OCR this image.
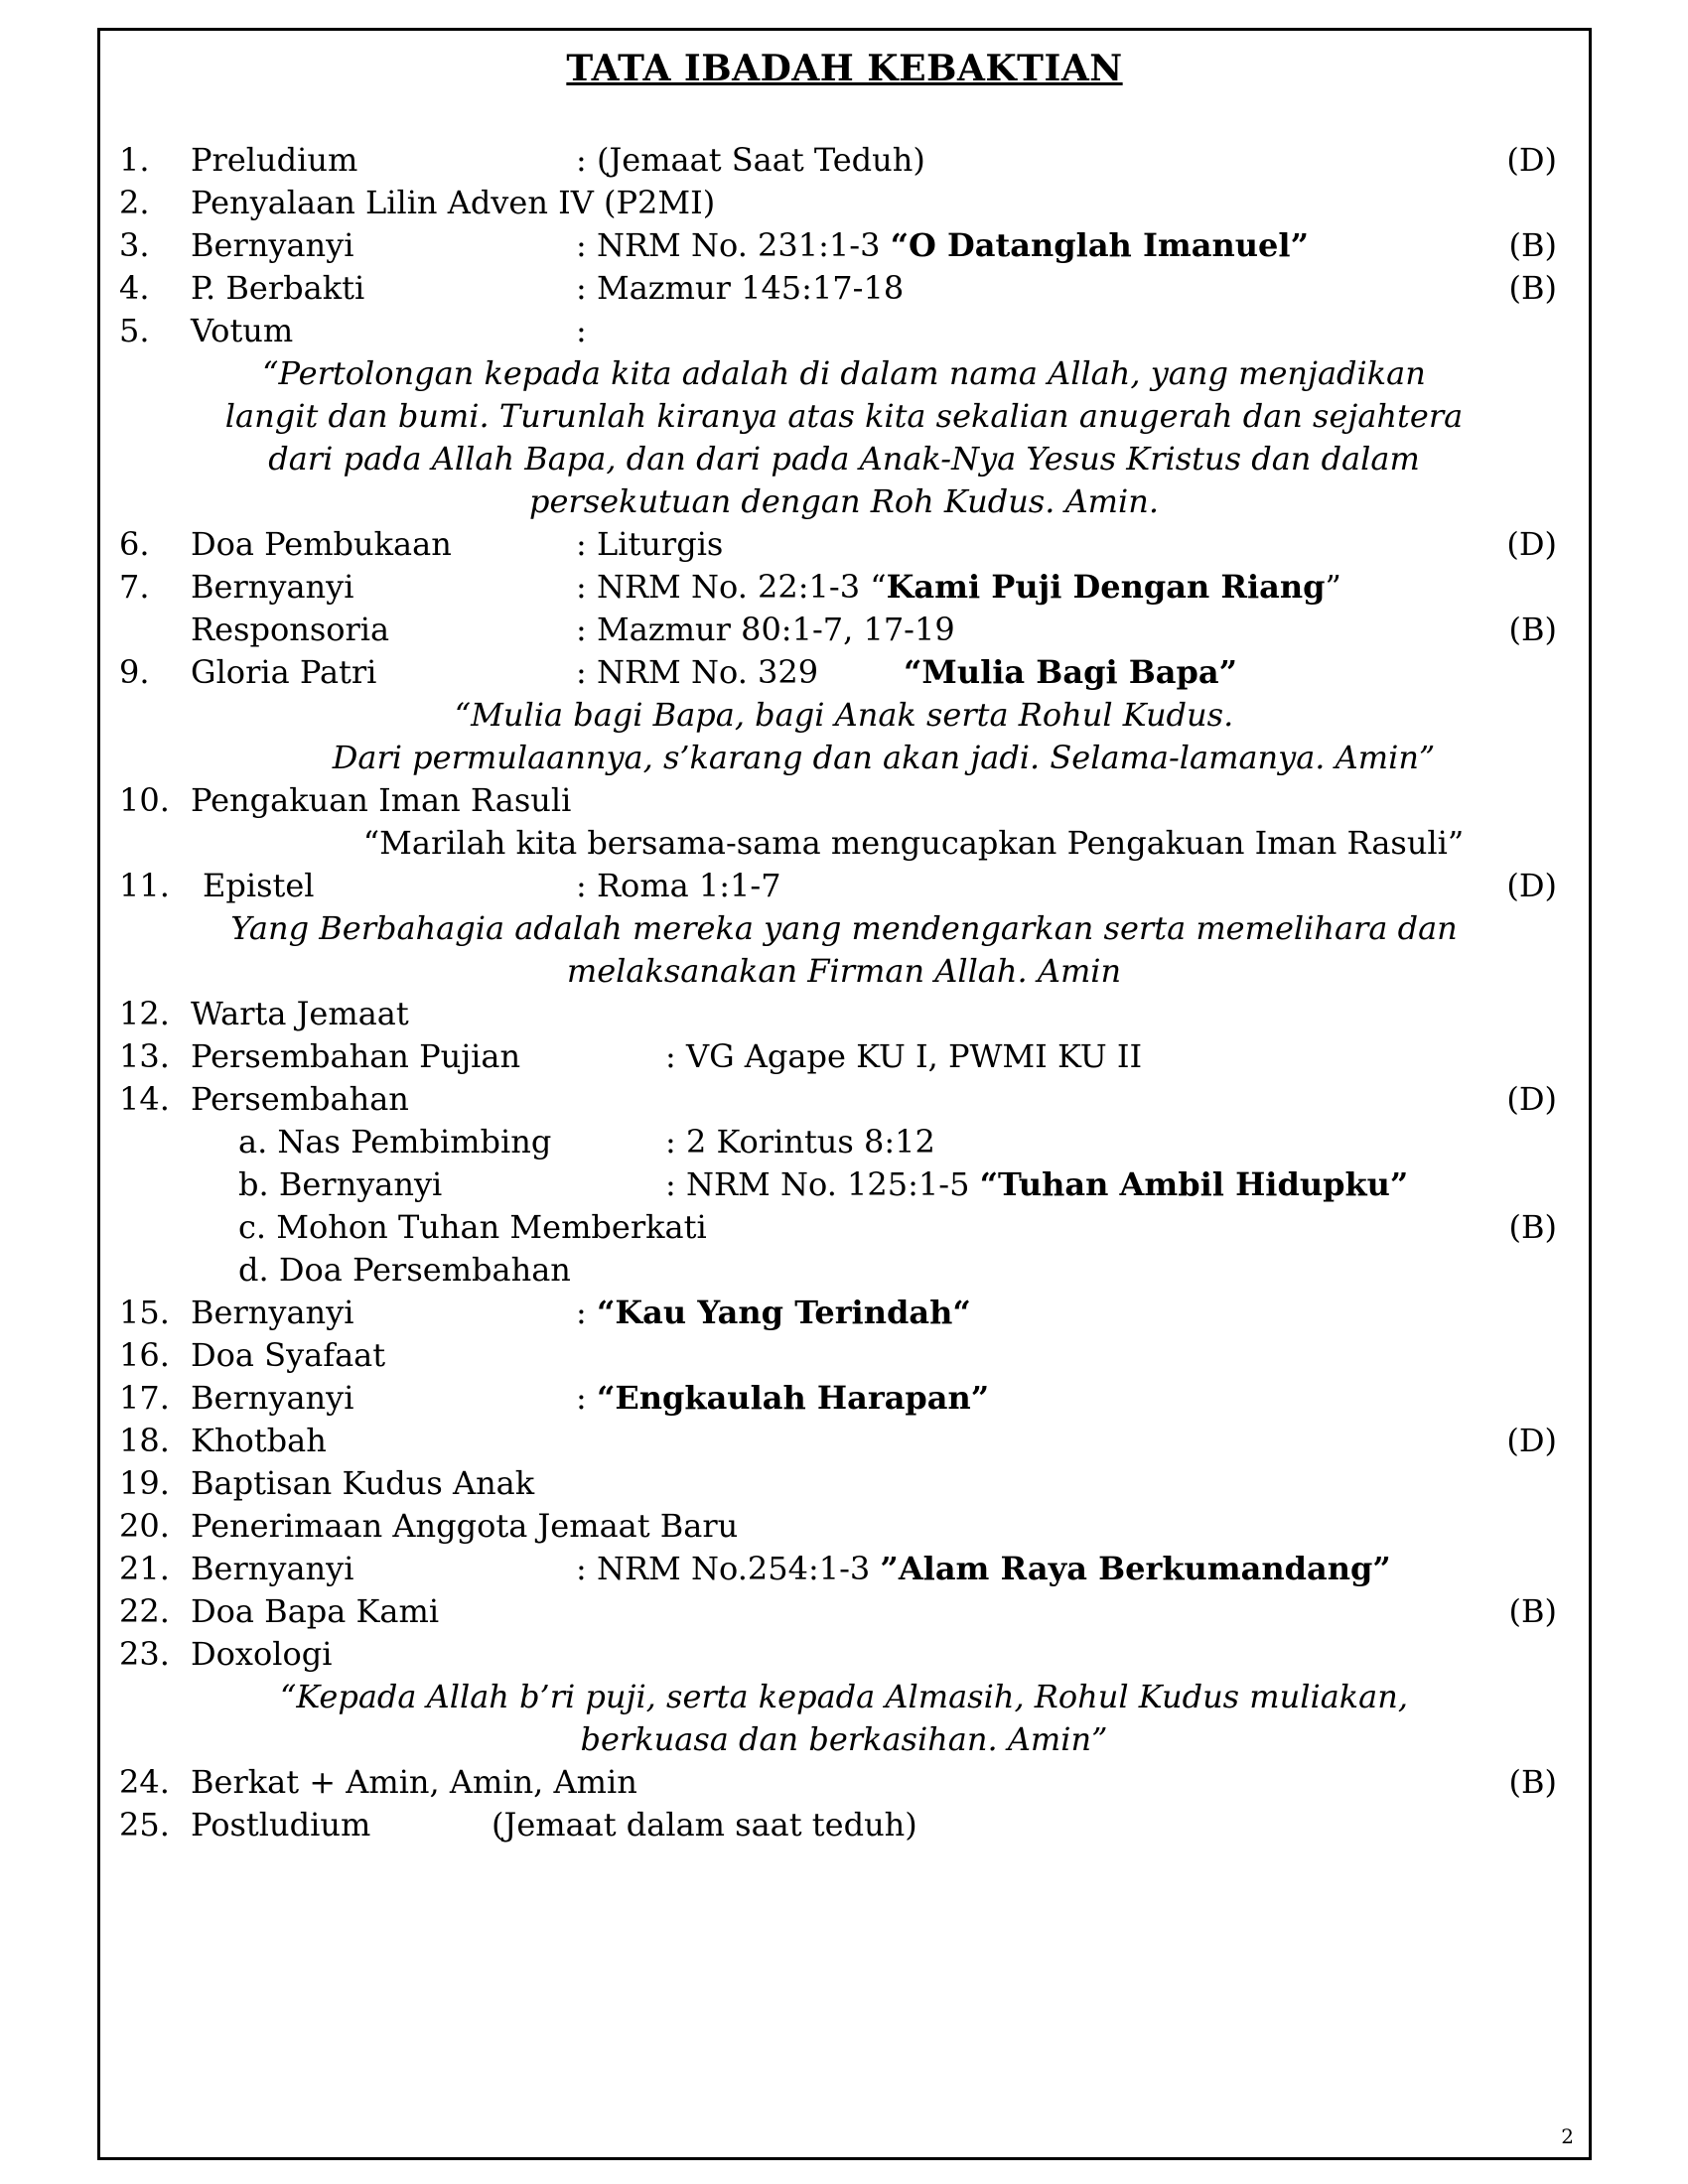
TATA IBADAH KEBAKTIAN
1. Preludium	: (Jemaat Saat Teduh)	(D)
2. Penyalaan Lilin Adven IV (P2MI)
3. Bernyanyi	: NRM No. 231:1-3 “O Datanglah Imanuel”	(B)
4. P. Berbakti	: Mazmur 145:17-18	(B)
5. Votum	:
“Pertolongan kepada kita adalah di dalam nama Allah, yang menjadikan
langit dan bumi. Turunlah kiranya atas kita sekalian anugerah dan sejahtera
dari pada Allah Bapa, dan dari pada Anak-Nya Yesus Kristus dan dalam
persekutuan dengan Roh Kudus. Amin.
6. Doa Pembukaan	: Liturgis	(D)
7. Bernyanyi	: NRM No. 22:1-3 “Kami Puji Dengan Riang”
Responsoria	: Mazmur 80:1-7, 17-19	(B)
9. Gloria Patri	: NRM No. 329	“Mulia Bagi Bapa”
“Mulia bagi Bapa, bagi Anak serta Rohul Kudus.
Dari permulaannya, s’karang dan akan jadi. Selama-lamanya. Amin”
10. Pengakuan Iman Rasuli
“Marilah kita bersama-sama mengucapkan Pengakuan Iman Rasuli”
11. Epistel	: Roma 1:1-7	(D)
Yang Berbahagia adalah mereka yang mendengarkan serta memelihara dan
melaksanakan Firman Allah. Amin
12. Warta Jemaat
13. Persembahan Pujian	: VG Agape KU I, PWMI KU II
14. Persembahan	(D)
a. Nas Pembimbing	: 2 Korintus 8:12
b. Bernyanyi	: NRM No. 125:1-5 “Tuhan Ambil Hidupku”
c. Mohon Tuhan Memberkati	(B)
d. Doa Persembahan
15. Bernyanyi	: “Kau Yang Terindah“
16. Doa Syafaat
17. Bernyanyi	: “Engkaulah Harapan”
18. Khotbah	(D)
19. Baptisan Kudus Anak
20. Penerimaan Anggota Jemaat Baru
21. Bernyanyi	: NRM No.254:1-3 ”Alam Raya Berkumandang”
22. Doa Bapa Kami	(B)
23. Doxologi
“Kepada Allah b’ri puji, serta kepada Almasih, Rohul Kudus muliakan,
berkuasa dan berkasihan. Amin”
24. Berkat + Amin, Amin, Amin	(B)
25. Postludium	(Jemaat dalam saat teduh)
2
